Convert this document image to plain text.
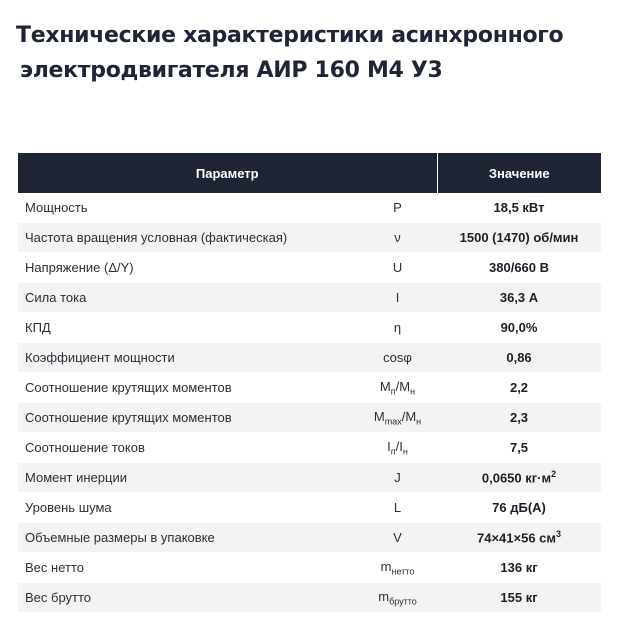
Технические характеристики асинхронного
электродвигателя АИР 160 М4 У3
Параметр		Значение
Мощность	P	18,5 кВт
Частота вращения условная (фактическая)	ν	1500 (1470) об/мин
Напряжение (Δ/Y)	U	380/660 В
Сила тока	I	36,3 А
КПД	η	90,0%
Коэффициент мощности	cosφ	0,86
Соотношение крутящих моментов	$M_п/M_н$	2,2
Соотношение крутящих моментов	$M_{max}/M_н$	2,3
Соотношение токов	$I_п/I_н$	7,5
Момент инерции	J	0,0650 $кг\cdot м^2$
Уровень шума	L	76 дБ(А)
Объемные размеры в упаковке	V	74×41×56 $см^3$
Вес нетто	$m_{нетто}$	136 кг
Вес брутто	$m_{брутто}$	155 кг
